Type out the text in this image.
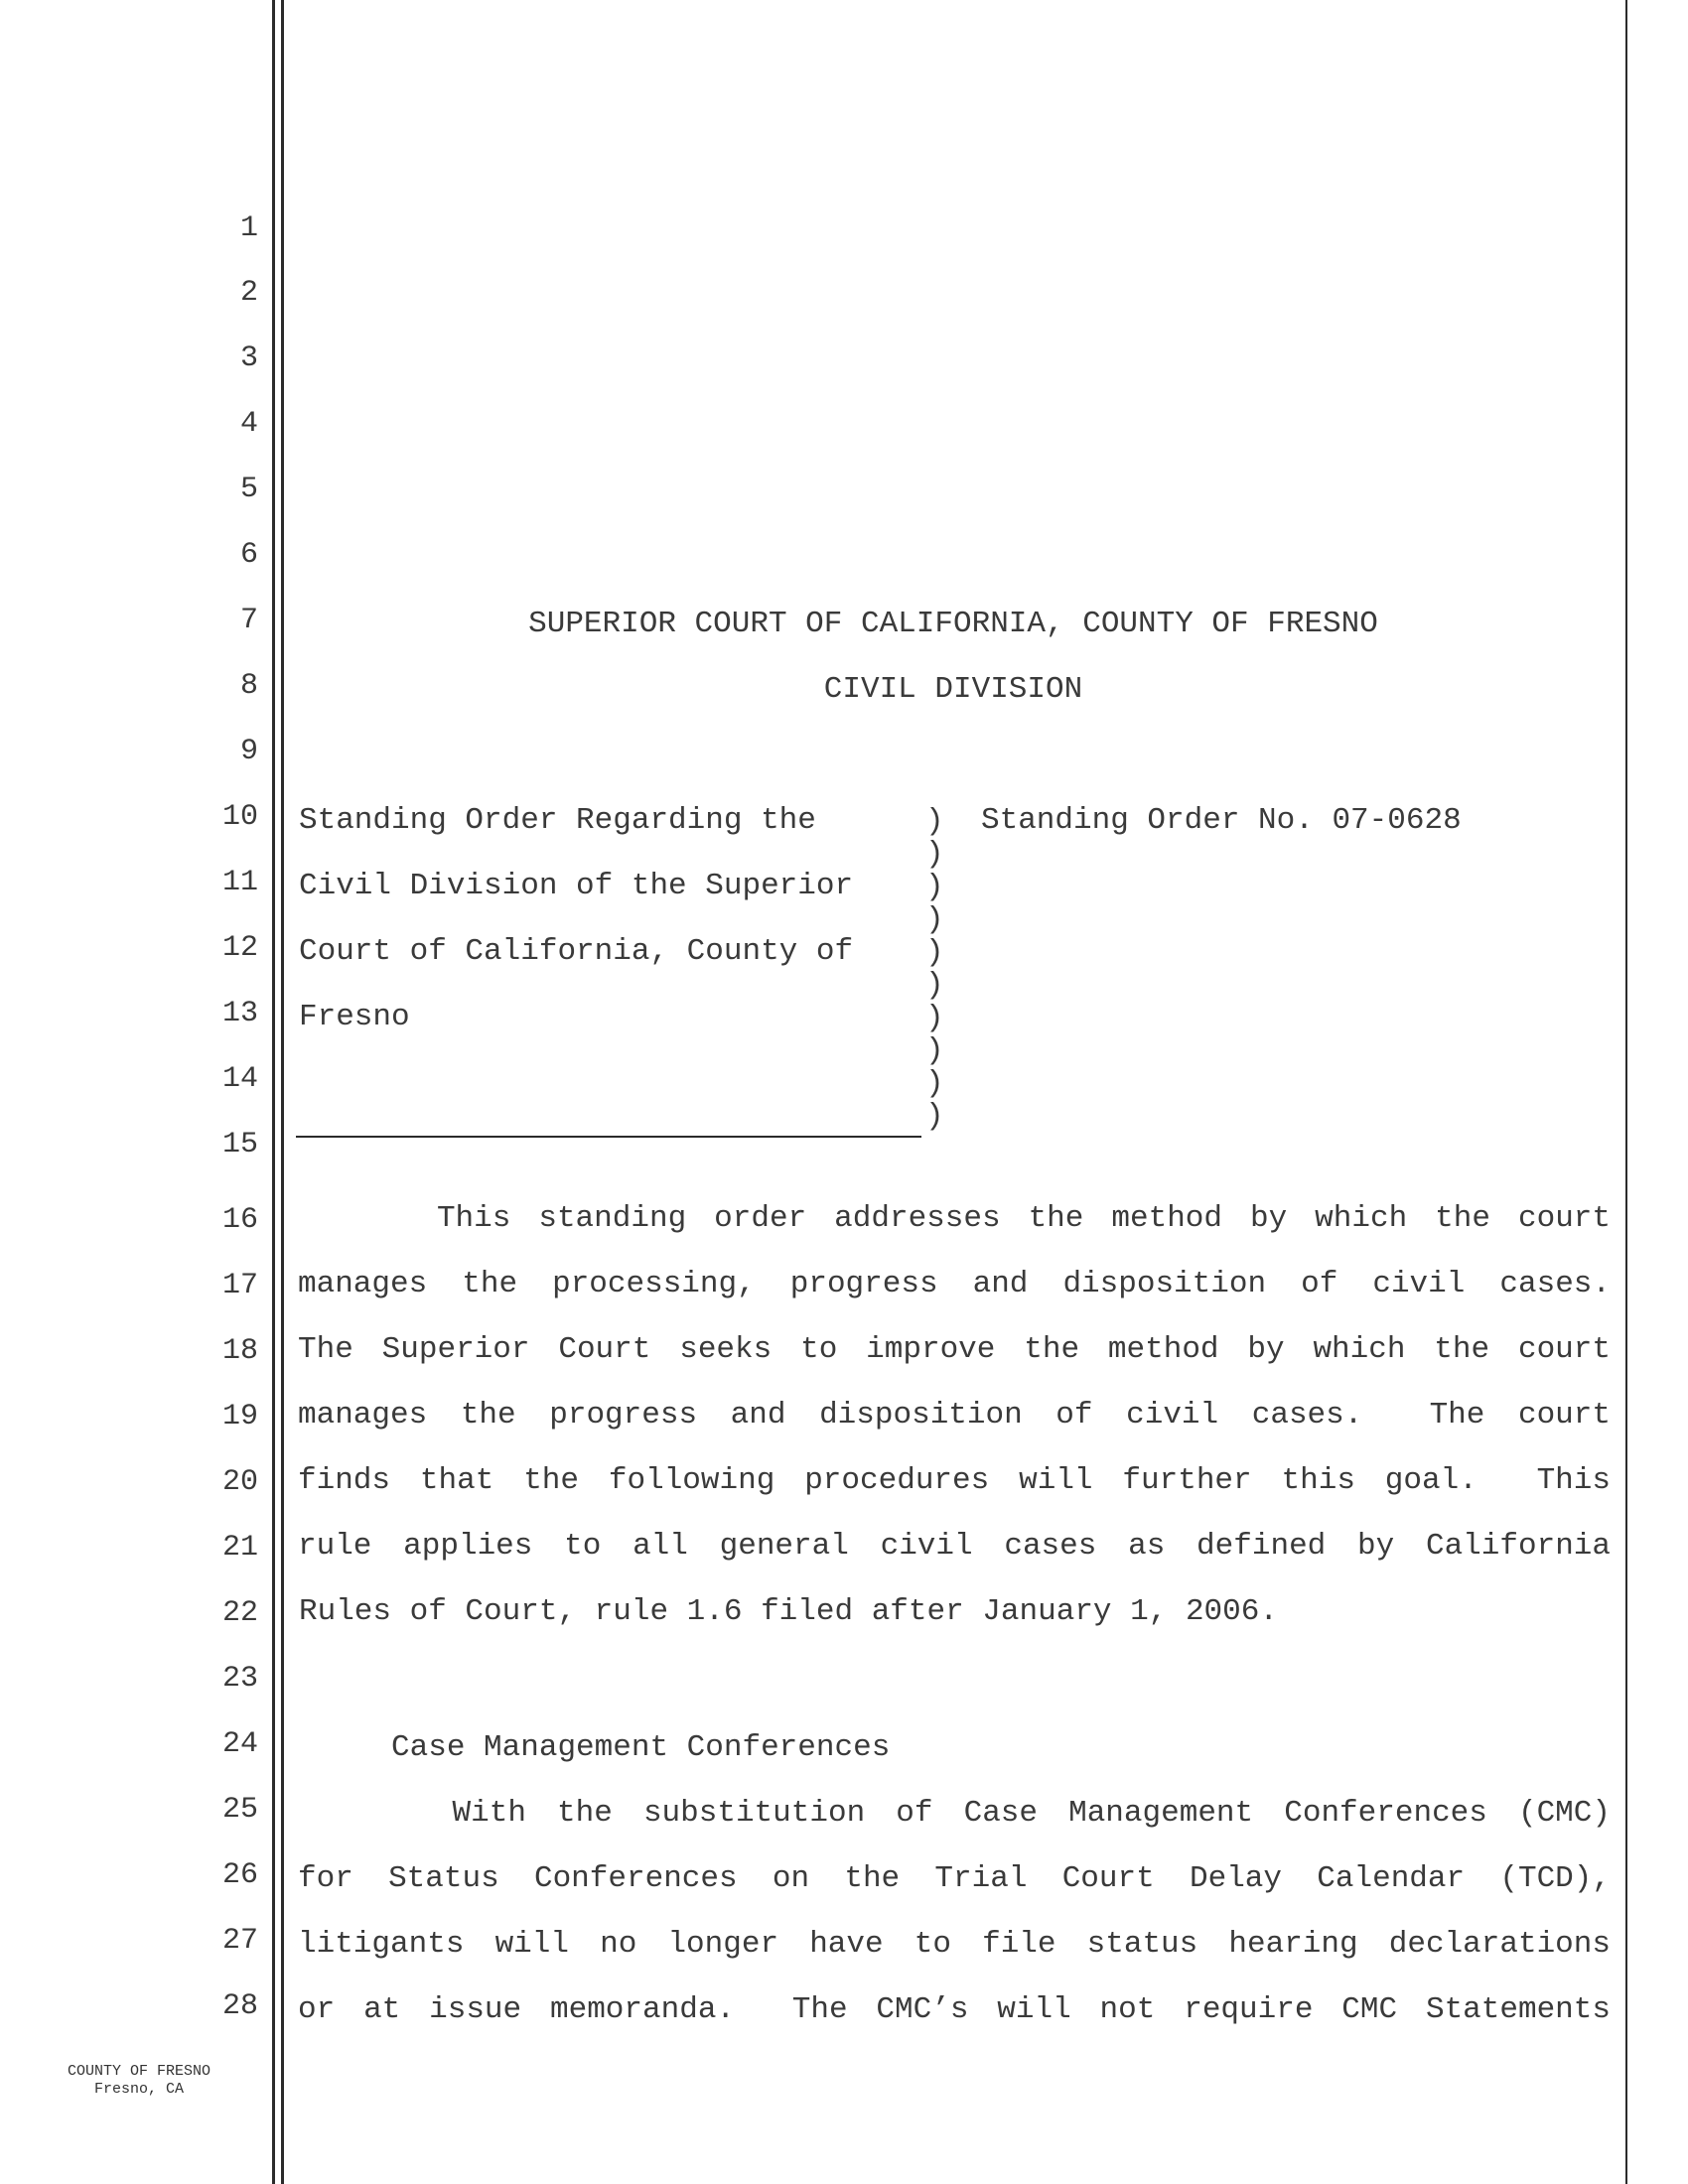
1
2
3
4
5
6
7
8
9
10
11
12
13
14
15
16
17
18
19
20
21
22
23
24
25
26
27
28
SUPERIOR COURT OF CALIFORNIA, COUNTY OF FRESNO
CIVIL DIVISION
Standing Order Regarding the
Civil Division of the Superior
Court of California, County of
Fresno
Standing Order No. 07-0628
)
)
)
)
)
)
)
)
)
)
This standing order addresses the method by which the court
manages the processing, progress and disposition of civil cases.
The Superior Court seeks to improve the method by which the court
manages the progress and disposition of civil cases.  The court
finds that the following procedures will further this goal.  This
rule applies to all general civil cases as defined by California
Rules of Court, rule 1.6 filed after January 1, 2006.
Case Management Conferences
With the substitution of Case Management Conferences (CMC)
for Status Conferences on the Trial Court Delay Calendar (TCD),
litigants will no longer have to file status hearing declarations
or at issue memoranda.  The CMC’s will not require CMC Statements
COUNTY OF FRESNO
Fresno, CA
